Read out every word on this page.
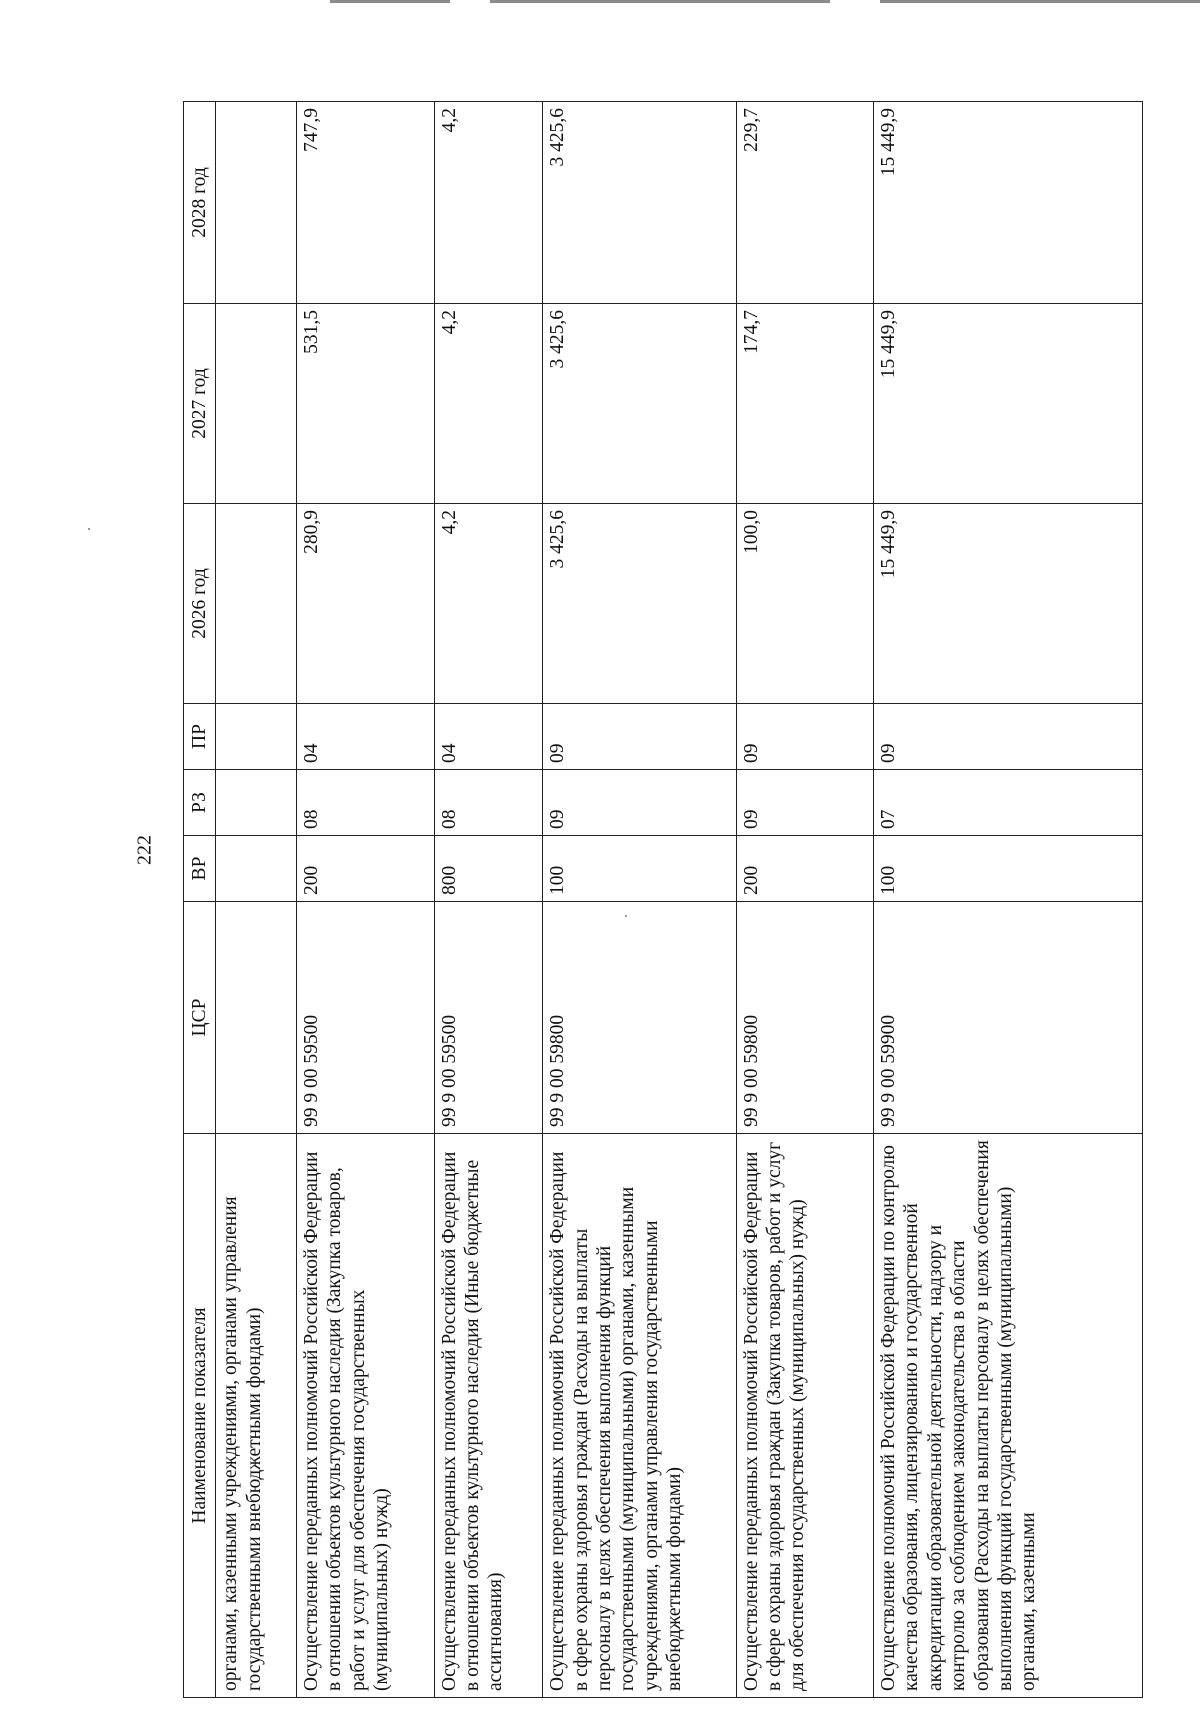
222
Наименование показателя	ЦСР	ВР	РЗ	ПР	2026 год	2027 год	2028 год
органами, казенными учреждениями, органами управления государственными внебюджетными фондами)							
Осуществление переданных полномочий Российской Федерации в отношении объектов культурного наследия (Закупка товаров, работ и услуг для обеспечения государственных (муниципальных) нужд)	99 9 00 59500	200	08	04	280,9	531,5	747,9
Осуществление переданных полномочий Российской Федерации в отношении объектов культурного наследия (Иные бюджетные ассигнования)	99 9 00 59500	800	08	04	4,2	4,2	4,2
Осуществление переданных полномочий Российской Федерации в сфере охраны здоровья граждан (Расходы на выплаты персоналу в целях обеспечения выполнения функций государственными (муниципальными) органами, казенными учреждениями, органами управления государственными внебюджетными фондами)	99 9 00 59800	100	09	09	3 425,6	3 425,6	3 425,6
Осуществление переданных полномочий Российской Федерации в сфере охраны здоровья граждан (Закупка товаров, работ и услуг для обеспечения государственных (муниципальных) нужд)	99 9 00 59800	200	09	09	100,0	174,7	229,7
Осуществление полномочий Российской Федерации по контролю качества образования, лицензированию и государственной аккредитации образовательной деятельности, надзору и контролю за соблюдением законодательства в области образования (Расходы на выплаты персоналу в целях обеспечения выполнения функций государственными (муниципальными) органами, казенными	99 9 00 59900	100	07	09	15 449,9	15 449,9	15 449,9
